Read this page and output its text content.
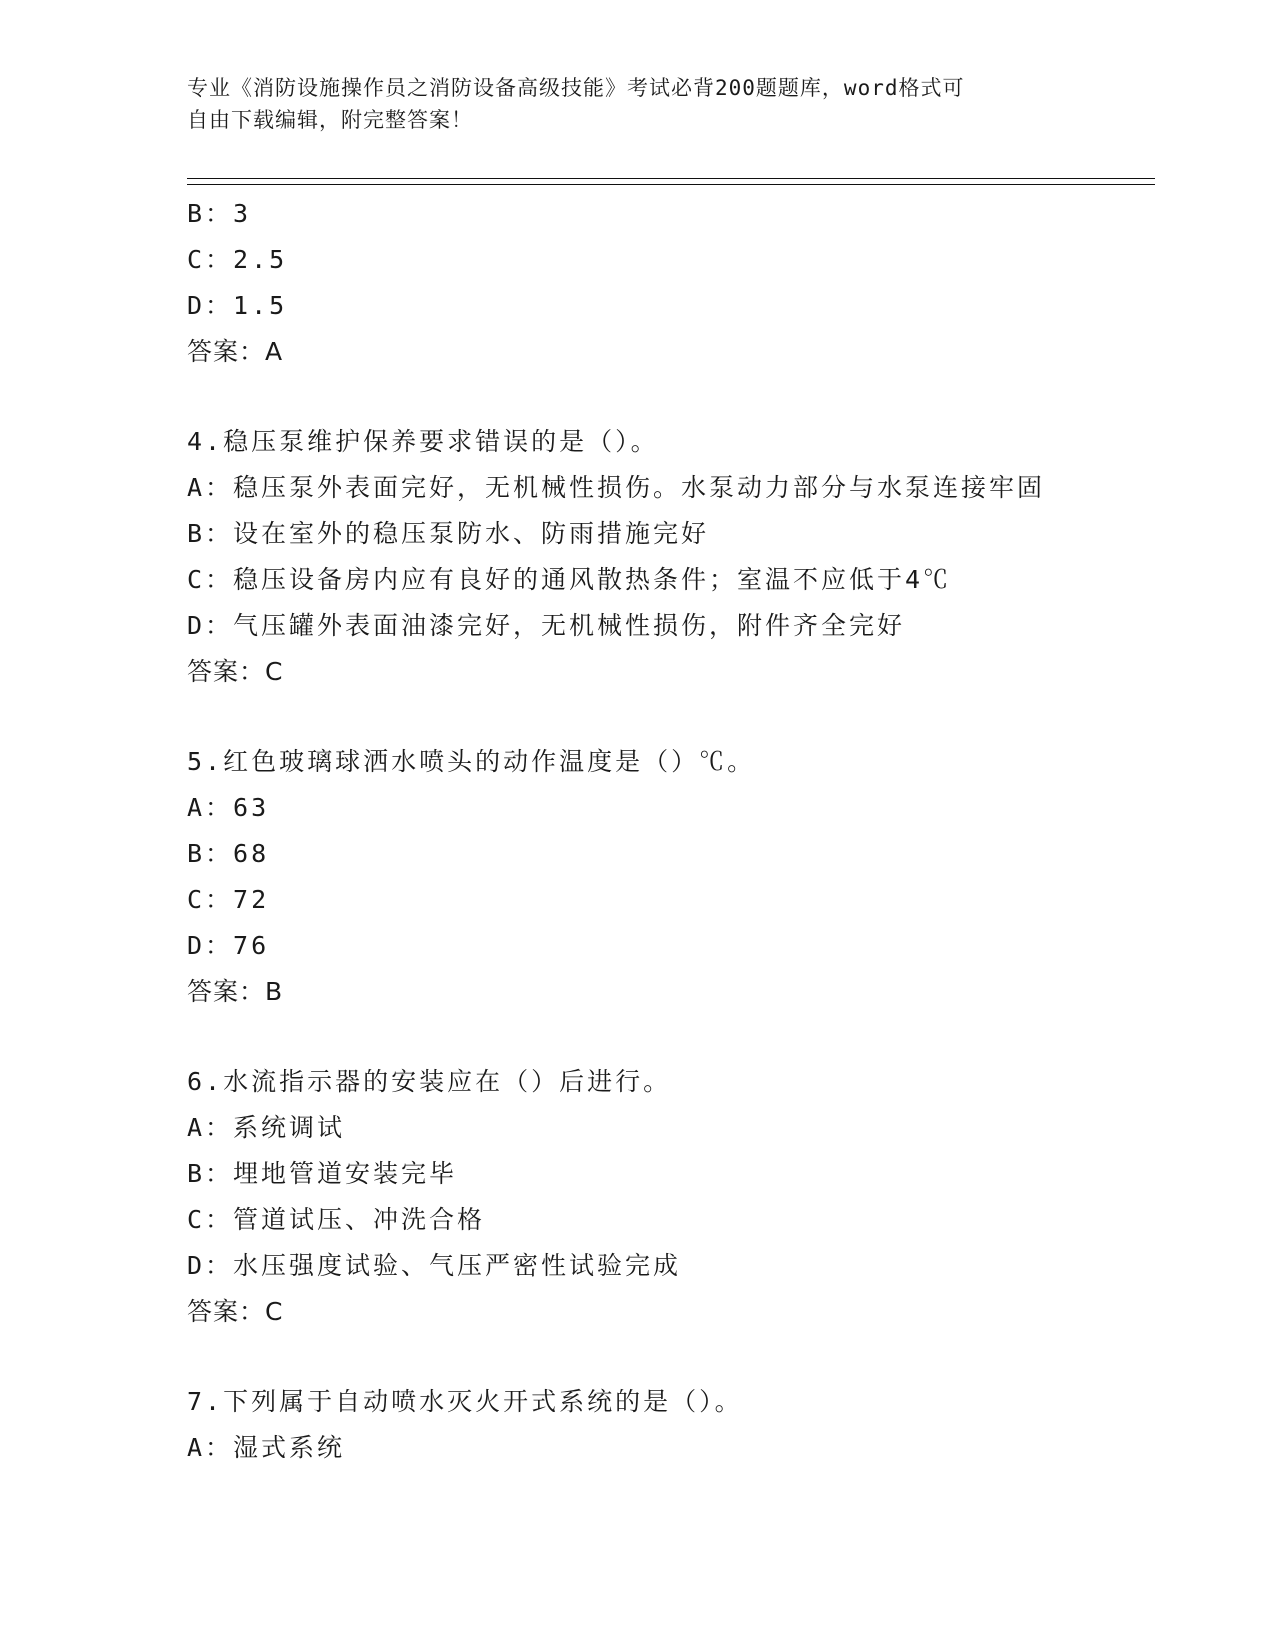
专业《消防设施操作员之消防设备高级技能》考试必背200题题库，word格式可
自由下载编辑，附完整答案！
B：3
C：2.5
D：1.5
答案：A
4.稳压泵维护保养要求错误的是（）。
A：稳压泵外表面完好，无机械性损伤。水泵动力部分与水泵连接牢固
B：设在室外的稳压泵防水、防雨措施完好
C：稳压设备房内应有良好的通风散热条件；室温不应低于4℃
D：气压罐外表面油漆完好，无机械性损伤，附件齐全完好
答案：C
5.红色玻璃球洒水喷头的动作温度是（）℃。
A：63
B：68
C：72
D：76
答案：B
6.水流指示器的安装应在（）后进行。
A：系统调试
B：埋地管道安装完毕
C：管道试压、冲洗合格
D：水压强度试验、气压严密性试验完成
答案：C
7.下列属于自动喷水灭火开式系统的是（）。
A：湿式系统
